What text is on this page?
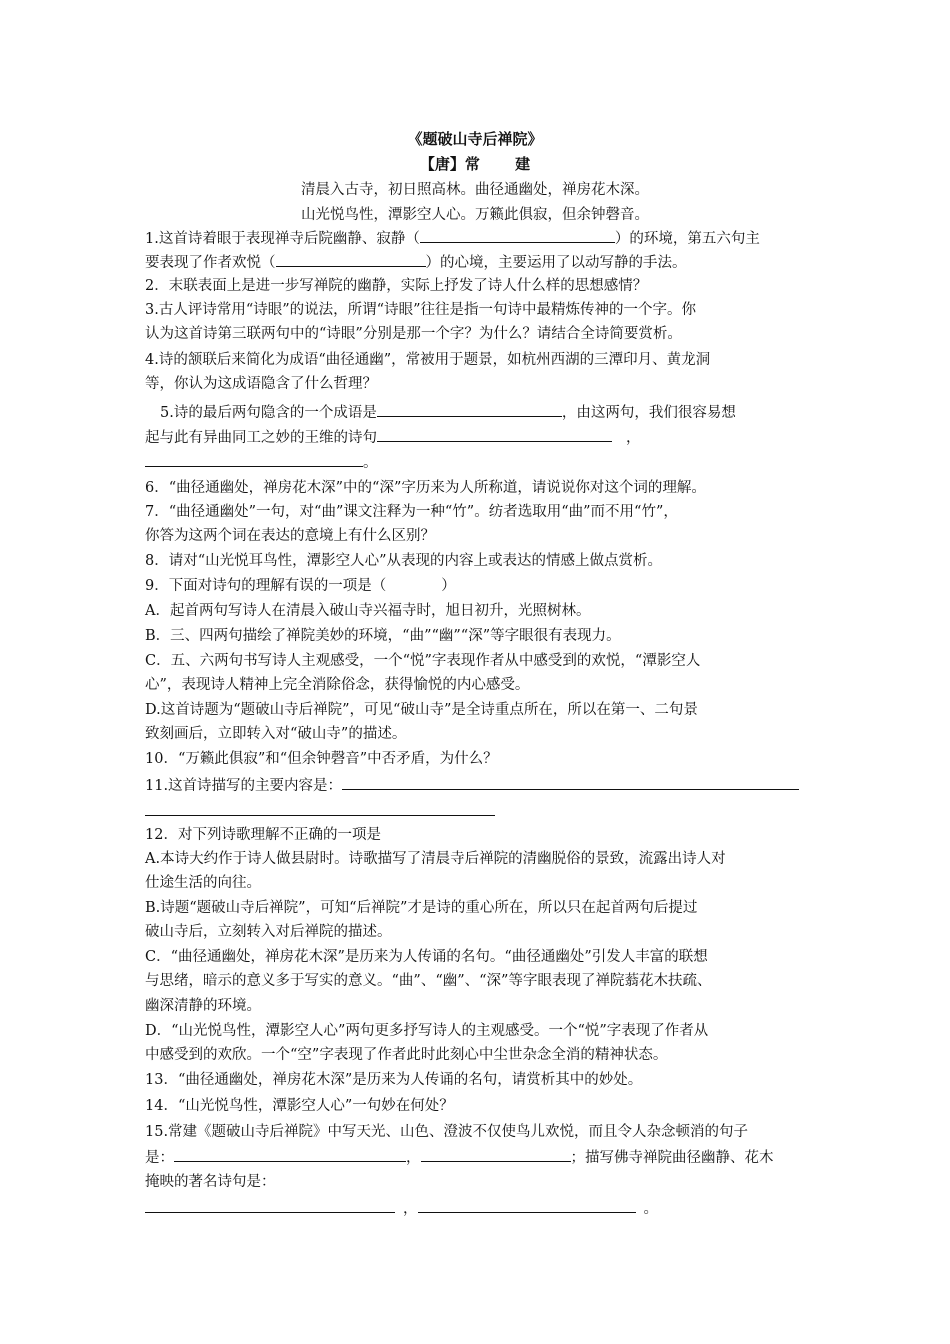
《题破山寺后禅院》
【唐】常 建
清晨入古寺，初日照高林。曲径通幽处，禅房花木深。
山光悦鸟性，潭影空人心。万籁此俱寂，但余钟磬音。
1.这首诗着眼于表现禅寺后院幽静、寂静（	）的环境，第五六句主
要表现了作者欢悦（	）的心境，主要运用了以动写静的手法。
2．末联表面上是进一步写禅院的幽静，实际上抒发了诗人什么样的思想感情？
3.古人评诗常用“诗眼”的说法，所谓“诗眼”往往是指一句诗中最精炼传神的一个字。你
认为这首诗第三联两句中的“诗眼”分别是那一个字？为什么？请结合全诗简要赏析。
4.诗的颔联后来简化为成语“曲径通幽”，常被用于题景，如杭州西湖的三潭印月、黄龙洞
等，你认为这成语隐含了什么哲理？
5.诗的最后两句隐含的一个成语是	，由这两句，我们很容易想
起与此有异曲同工之妙的王维的诗句	，
。
6．“曲径通幽处，禅房花木深”中的“深”字历来为人所称道，请说说你对这个词的理解。
7．“曲径通幽处”一句，对“曲”课文注释为一种“竹”。纺者选取用“曲”而不用“竹”，
你答为这两个词在表达的意境上有什么区别？
8．请对“山光悦耳鸟性，潭影空人心”从表现的内容上或表达的情感上做点赏析。
9．下面对诗句的理解有误的一项是（	）
A．起首两句写诗人在清晨入破山寺兴福寺时，旭日初升，光照树林。
B．三、四两句描绘了禅院美妙的环境，“曲”“幽”“深”等字眼很有表现力。
C．五、六两句书写诗人主观感受，一个“悦”字表现作者从中感受到的欢悦，“潭影空人
心”，表现诗人精神上完全消除俗念，获得愉悦的内心感受。
D.这首诗题为“题破山寺后禅院”，可见“破山寺”是全诗重点所在，所以在第一、二句景
致刻画后，立即转入对“破山寺”的描述。
10．“万籁此俱寂”和“但余钟磬音”中否矛盾，为什么？
11.这首诗描写的主要内容是：
12．对下列诗歌理解不正确的一项是
A.本诗大约作于诗人做县尉时。诗歌描写了清晨寺后禅院的清幽脱俗的景致，流露出诗人对
仕途生活的向往。
B.诗题“题破山寺后禅院”，可知“后禅院”才是诗的重心所在，所以只在起首两句后提过
破山寺后，立刻转入对后禅院的描述。
C．“曲径通幽处，禅房花木深”是历来为人传诵的名句。“曲径通幽处”引发人丰富的联想
与思绪，暗示的意义多于写实的意义。“曲”、“幽”、“深”等字眼表现了禅院蓊花木扶疏、
幽深清静的环境。
D．“山光悦鸟性，潭影空人心”两句更多抒写诗人的主观感受。一个“悦”字表现了作者从
中感受到的欢欣。一个“空”字表现了作者此时此刻心中尘世杂念全消的精神状态。
13．“曲径通幽处，禅房花木深”是历来为人传诵的名句，请赏析其中的妙处。
14．“山光悦鸟性，潭影空人心”一句妙在何处？
15.常建《题破山寺后禅院》中写天光、山色、澄波不仅使鸟儿欢悦，而且令人杂念顿消的句子
是：	，	；描写佛寺禅院曲径幽静、花木
掩映的著名诗句是：
，	。
